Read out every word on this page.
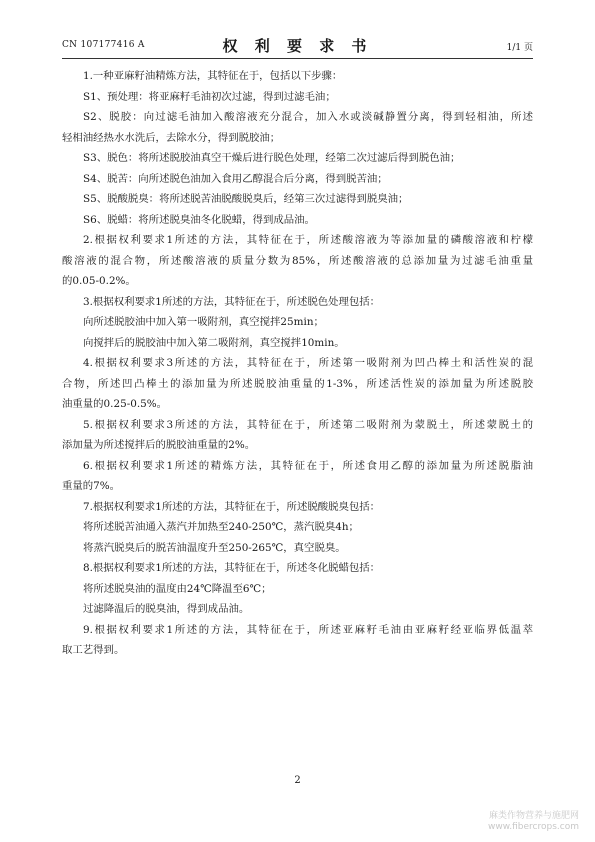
CN 107177416 A	权 利 要 求 书	1/1 页
1.一种亚麻籽油精炼方法，其特征在于，包括以下步骤：
S1、预处理：将亚麻籽毛油初次过滤，得到过滤毛油；
S2、脱胶：向过滤毛油加入酸溶液充分混合，加入水或淡碱静置分离，得到轻相油，所述
轻相油经热水水洗后，去除水分，得到脱胶油；
S3、脱色：将所述脱胶油真空干燥后进行脱色处理，经第二次过滤后得到脱色油；
S4、脱苦：向所述脱色油加入食用乙醇混合后分离，得到脱苦油；
S5、脱酸脱臭：将所述脱苦油脱酸脱臭后，经第三次过滤得到脱臭油；
S6、脱蜡：将所述脱臭油冬化脱蜡，得到成品油。
2.根据权利要求1所述的方法，其特征在于，所述酸溶液为等添加量的磷酸溶液和柠檬
酸溶液的混合物，所述酸溶液的质量分数为85%，所述酸溶液的总添加量为过滤毛油重量
的0.05-0.2%。
3.根据权利要求1所述的方法，其特征在于，所述脱色处理包括：
向所述脱胶油中加入第一吸附剂，真空搅拌25min；
向搅拌后的脱胶油中加入第二吸附剂，真空搅拌10min。
4.根据权利要求3所述的方法，其特征在于，所述第一吸附剂为凹凸棒土和活性炭的混
合物，所述凹凸棒土的添加量为所述脱胶油重量的1-3%，所述活性炭的添加量为所述脱胶
油重量的0.25-0.5%。
5.根据权利要求3所述的方法，其特征在于，所述第二吸附剂为蒙脱土，所述蒙脱土的
添加量为所述搅拌后的脱胶油重量的2%。
6.根据权利要求1所述的精炼方法，其特征在于，所述食用乙醇的添加量为所述脱脂油
重量的7%。
7.根据权利要求1所述的方法，其特征在于，所述脱酸脱臭包括：
将所述脱苦油通入蒸汽并加热至240-250℃，蒸汽脱臭4h；
将蒸汽脱臭后的脱苦油温度升至250-265℃，真空脱臭。
8.根据权利要求1所述的方法，其特征在于，所述冬化脱蜡包括：
将所述脱臭油的温度由24℃降温至6℃；
过滤降温后的脱臭油，得到成品油。
9.根据权利要求1所述的方法，其特征在于，所述亚麻籽毛油由亚麻籽经亚临界低温萃
取工艺得到。
2
麻类作物营养与施肥网
www.fibercrops.com
